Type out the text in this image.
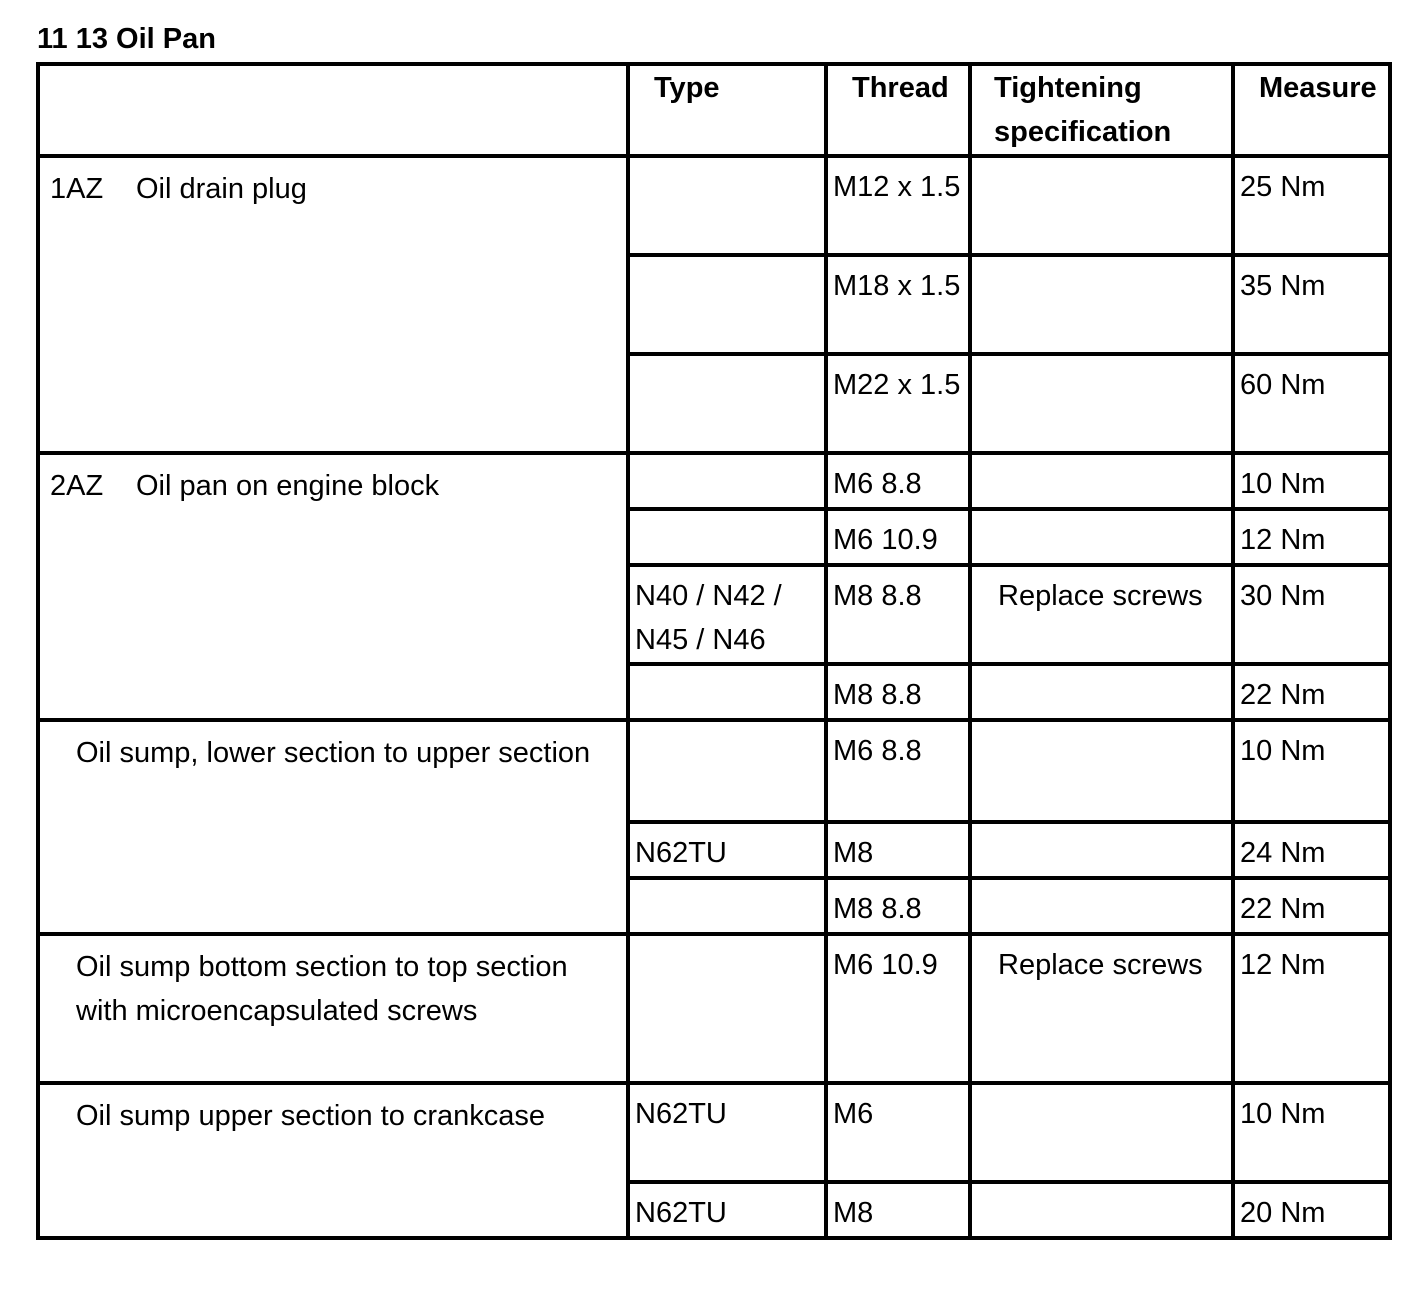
11 13 Oil Pan
	Type	Thread	Tightening specification	Measure
1AZ Oil drain plug		M12 x 1.5		25 Nm
		M18 x 1.5		35 Nm
		M22 x 1.5		60 Nm
2AZ Oil pan on engine block		M6 8.8		10 Nm
		M6 10.9		12 Nm
	N40 / N42 / N45 / N46	M8 8.8	Replace screws	30 Nm
		M8 8.8		22 Nm
Oil sump, lower section to upper section		M6 8.8		10 Nm
	N62TU	M8		24 Nm
		M8 8.8		22 Nm
Oil sump bottom section to top section with microencapsulated screws		M6 10.9	Replace screws	12 Nm
Oil sump upper section to crankcase	N62TU	M6		10 Nm
	N62TU	M8		20 Nm
